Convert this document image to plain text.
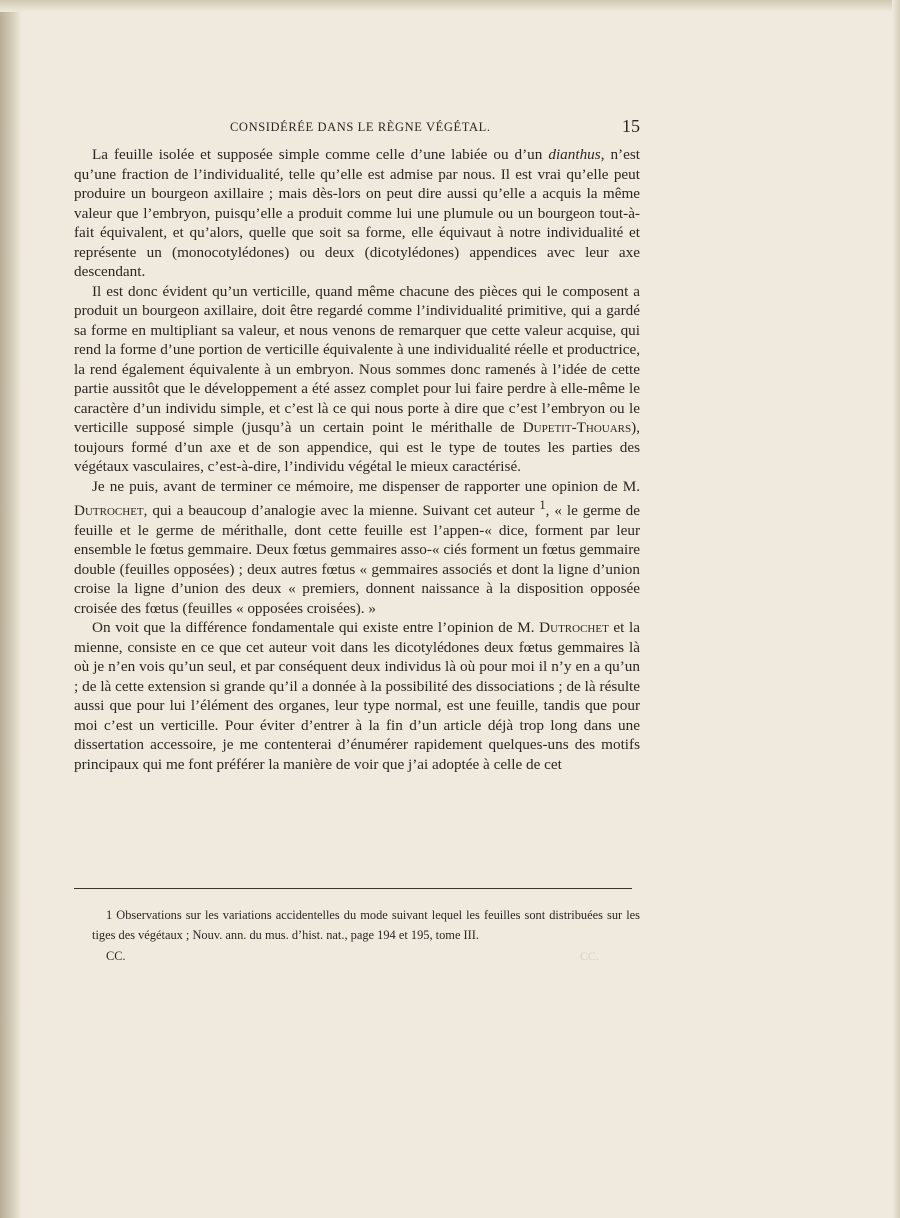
CONSIDÉRÉE DANS LE RÈGNE VÉGÉTAL.	15

La feuille isolée et supposée simple comme celle d’une labiée ou d’un dianthus, n’est qu’une fraction de l’individualité, telle qu’elle est admise par nous. Il est vrai qu’elle peut produire un bourgeon axillaire ; mais dès-lors on peut dire aussi qu’elle a acquis la même valeur que l’embryon, puisqu’elle a produit comme lui une plumule ou un bourgeon tout-à-fait équivalent, et qu’alors, quelle que soit sa forme, elle équivaut à notre individualité et représente un (monocotylédones) ou deux (dicotylédones) appendices avec leur axe descendant.

Il est donc évident qu’un verticille, quand même chacune des pièces qui le composent a produit un bourgeon axillaire, doit être regardé comme l’individualité primitive, qui a gardé sa forme en multipliant sa valeur, et nous venons de remarquer que cette valeur acquise, qui rend la forme d’une portion de verticille équivalente à une individualité réelle et productrice, la rend également équivalente à un embryon. Nous sommes donc ramenés à l’idée de cette partie aussitôt que le développement a été assez complet pour lui faire perdre à elle-même le caractère d’un individu simple, et c’est là ce qui nous porte à dire que c’est l’embryon ou le verticille supposé simple (jusqu’à un certain point le mérithalle de Dupetit-Thouars), toujours formé d’un axe et de son appendice, qui est le type de toutes les parties des végétaux vasculaires, c’est-à-dire, l’individu végétal le mieux caractérisé.

Je ne puis, avant de terminer ce mémoire, me dispenser de rapporter une opinion de M. Dutrochet, qui a beaucoup d’analogie avec la mienne. Suivant cet auteur $^1$, « le germe de feuille et le germe de mérithalle, dont cette feuille est l’appen-« dice, forment par leur ensemble le fœtus gemmaire. Deux fœtus gemmaires asso-« ciés forment un fœtus gemmaire double (feuilles opposées) ; deux autres fœtus « gemmaires associés et dont la ligne d’union croise la ligne d’union des deux « premiers, donnent naissance à la disposition opposée croisée des fœtus (feuilles « opposées croisées). »

On voit que la différence fondamentale qui existe entre l’opinion de M. Dutrochet et la mienne, consiste en ce que cet auteur voit dans les dicotylédones deux fœtus gemmaires là où je n’en vois qu’un seul, et par conséquent deux individus là où pour moi il n’y en a qu’un ; de là cette extension si grande qu’il a donnée à la possibilité des dissociations ; de là résulte aussi que pour lui l’élément des organes, leur type normal, est une feuille, tandis que pour moi c’est un verticille. Pour éviter d’entrer à la fin d’un article déjà trop long dans une dissertation accessoire, je me contenterai d’énumérer rapidement quelques-uns des motifs principaux qui me font préférer la manière de voir que j’ai adoptée à celle de cet

1 Observations sur les variations accidentelles du mode suivant lequel les feuilles sont distribuées sur les tiges des végétaux ; Nouv. ann. du mus. d’hist. nat., page 194 et 195, tome III.
CC.	CC.
